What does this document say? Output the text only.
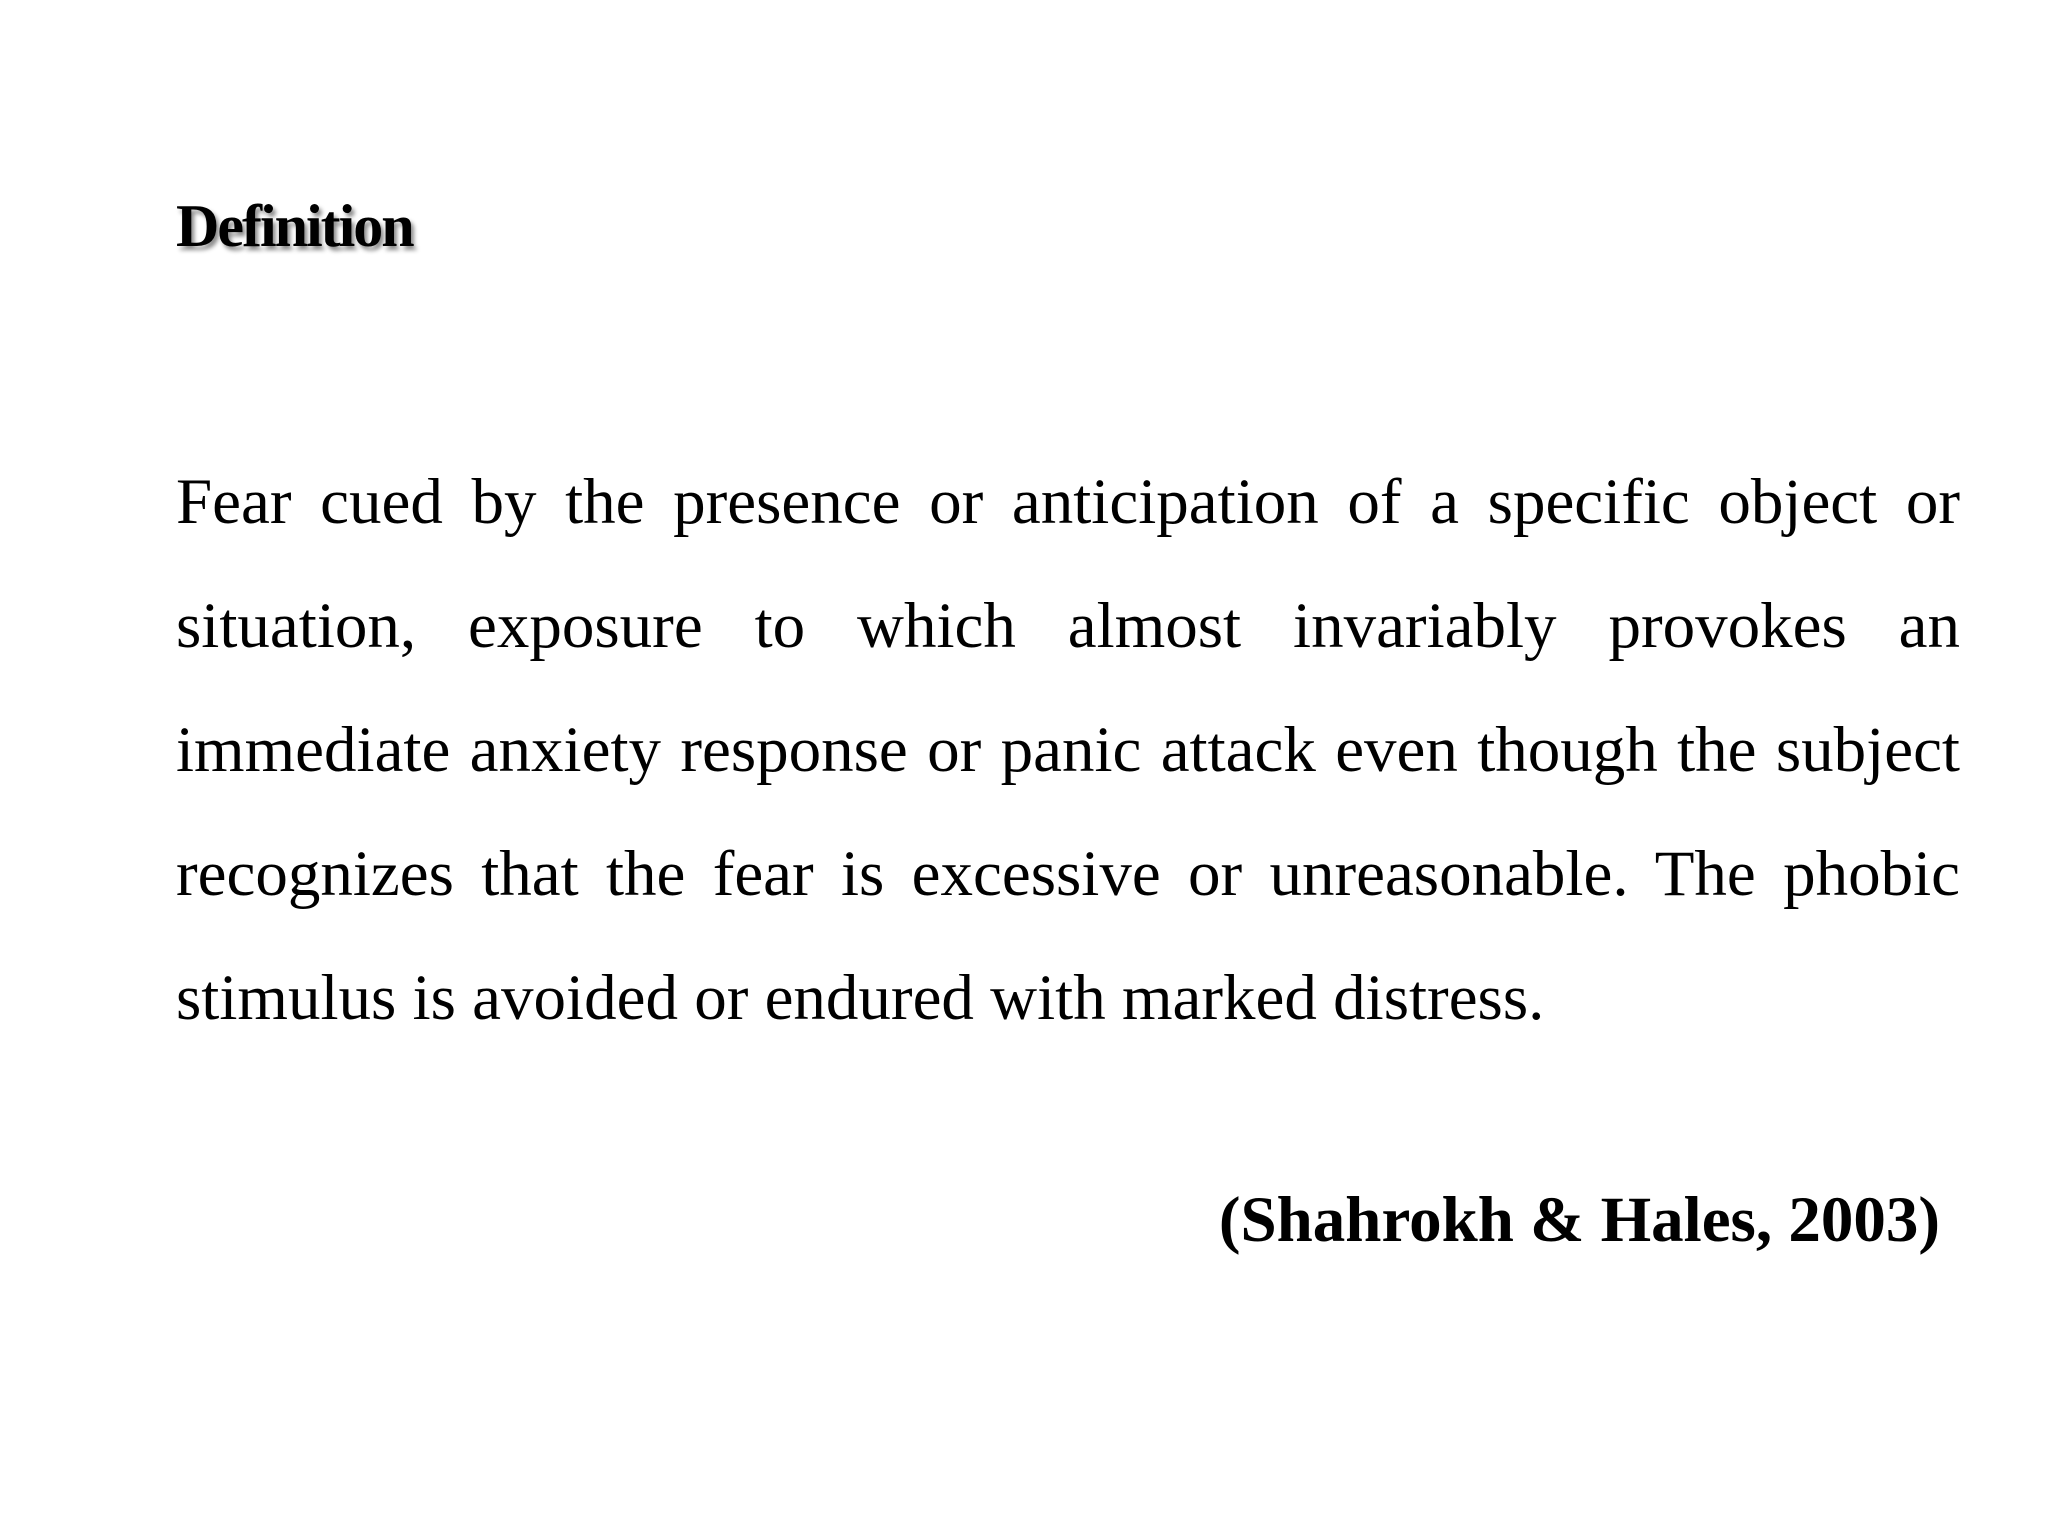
Definition

Fear cued by the presence or anticipation of a specific object or situation, exposure to which almost invariably provokes an immediate anxiety response or panic attack even though the subject recognizes that the fear is excessive or unreasonable. The phobic stimulus is avoided or endured with marked distress.

(Shahrokh & Hales, 2003)
